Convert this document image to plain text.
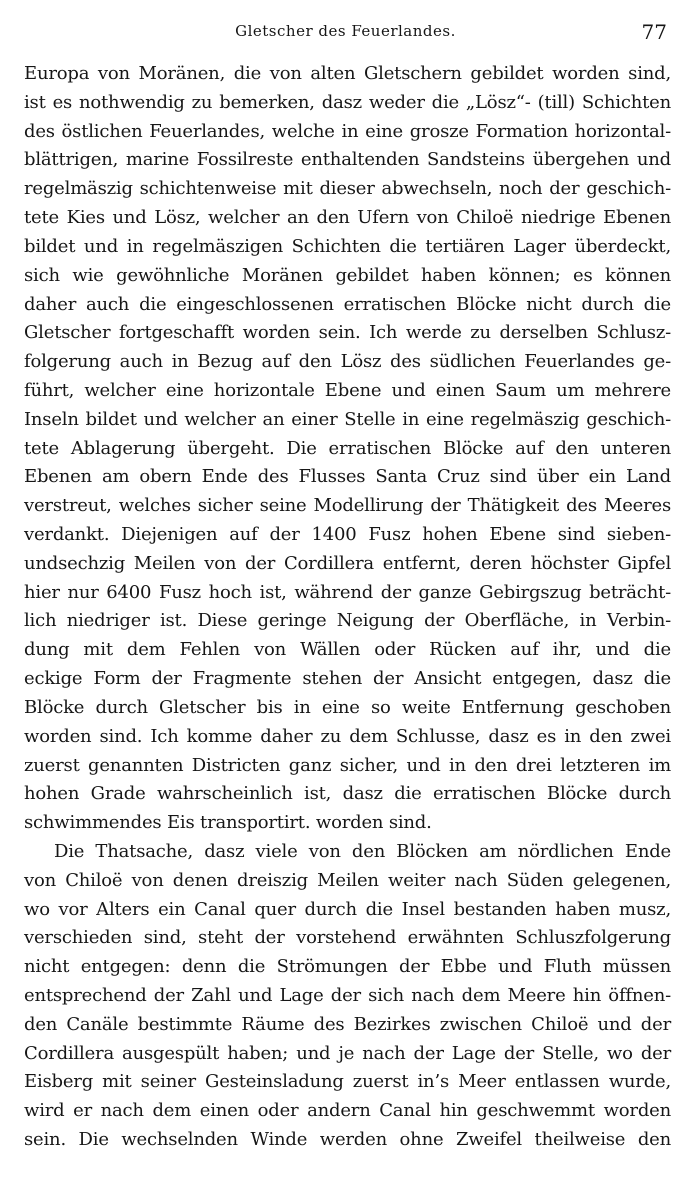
Gletscher des Feuerlandes.	77
Europa von Moränen, die von alten Gletschern gebildet worden sind,
ist es nothwendig zu bemerken, dasz weder die „Lösz“- (till) Schichten
des östlichen Feuerlandes, welche in eine grosze Formation horizontal-
blättrigen, marine Fossilreste enthaltenden Sandsteins übergehen und
regelmäszig schichtenweise mit dieser abwechseln, noch der geschich-
tete Kies und Lösz, welcher an den Ufern von Chiloë niedrige Ebenen
bildet und in regelmäszigen Schichten die tertiären Lager überdeckt,
sich wie gewöhnliche Moränen gebildet haben können; es können
daher auch die eingeschlossenen erratischen Blöcke nicht durch die
Gletscher fortgeschafft worden sein. Ich werde zu derselben Schlusz-
folgerung auch in Bezug auf den Lösz des südlichen Feuerlandes ge-
führt, welcher eine horizontale Ebene und einen Saum um mehrere
Inseln bildet und welcher an einer Stelle in eine regelmäszig geschich-
tete Ablagerung übergeht. Die erratischen Blöcke auf den unteren
Ebenen am obern Ende des Flusses Santa Cruz sind über ein Land
verstreut, welches sicher seine Modellirung der Thätigkeit des Meeres
verdankt. Diejenigen auf der 1400 Fusz hohen Ebene sind sieben-
undsechzig Meilen von der Cordillera entfernt, deren höchster Gipfel
hier nur 6400 Fusz hoch ist, während der ganze Gebirgszug beträcht-
lich niedriger ist. Diese geringe Neigung der Oberfläche, in Verbin-
dung mit dem Fehlen von Wällen oder Rücken auf ihr, und die
eckige Form der Fragmente stehen der Ansicht entgegen, dasz die
Blöcke durch Gletscher bis in eine so weite Entfernung geschoben
worden sind. Ich komme daher zu dem Schlusse, dasz es in den zwei
zuerst genannten Districten ganz sicher, und in den drei letzteren im
hohen Grade wahrscheinlich ist, dasz die erratischen Blöcke durch
schwimmendes Eis transportirt. worden sind.
Die Thatsache, dasz viele von den Blöcken am nördlichen Ende
von Chiloë von denen dreiszig Meilen weiter nach Süden gelegenen,
wo vor Alters ein Canal quer durch die Insel bestanden haben musz,
verschieden sind, steht der vorstehend erwähnten Schluszfolgerung
nicht entgegen: denn die Strömungen der Ebbe und Fluth müssen
entsprechend der Zahl und Lage der sich nach dem Meere hin öffnen-
den Canäle bestimmte Räume des Bezirkes zwischen Chiloë und der
Cordillera ausgespült haben; und je nach der Lage der Stelle, wo der
Eisberg mit seiner Gesteinsladung zuerst in’s Meer entlassen wurde,
wird er nach dem einen oder andern Canal hin geschwemmt worden
sein. Die wechselnden Winde werden ohne Zweifel theilweise den
